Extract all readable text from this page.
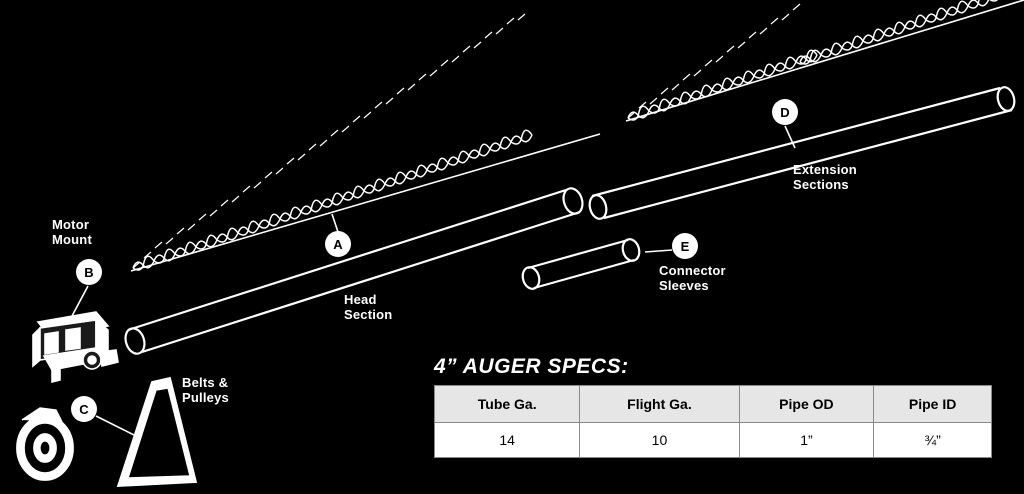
A
B
C
D
E
Head
Section
Motor
Mount
Belts &
Pulleys
Extension
Sections
Connector
Sleeves
4” AUGER SPECS:
Tube Ga.	Flight Ga.	Pipe OD	Pipe ID
14	10	1”	¾”
